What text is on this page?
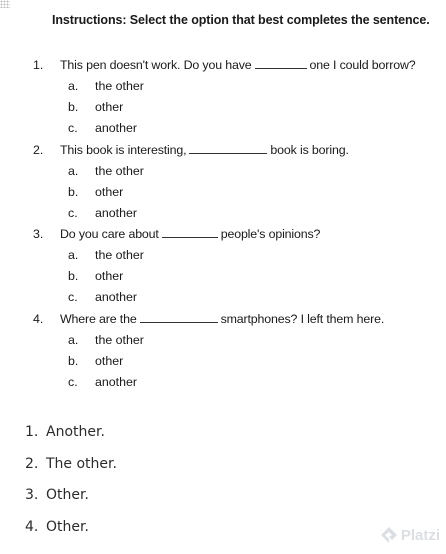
Instructions: Select the option that best completes the sentence.
1. This pen doesn't work. Do you have	one I could borrow?
a. the other
b. other
c. another
2. This book is interesting,	book is boring.
a. the other
b. other
c. another
3. Do you care about	people's opinions?
a. the other
b. other
c. another
4. Where are the	smartphones? I left them here.
a. the other
b. other
c. another
1. Another.
2. The other.
3. Other.
4. Other.	Platzi
